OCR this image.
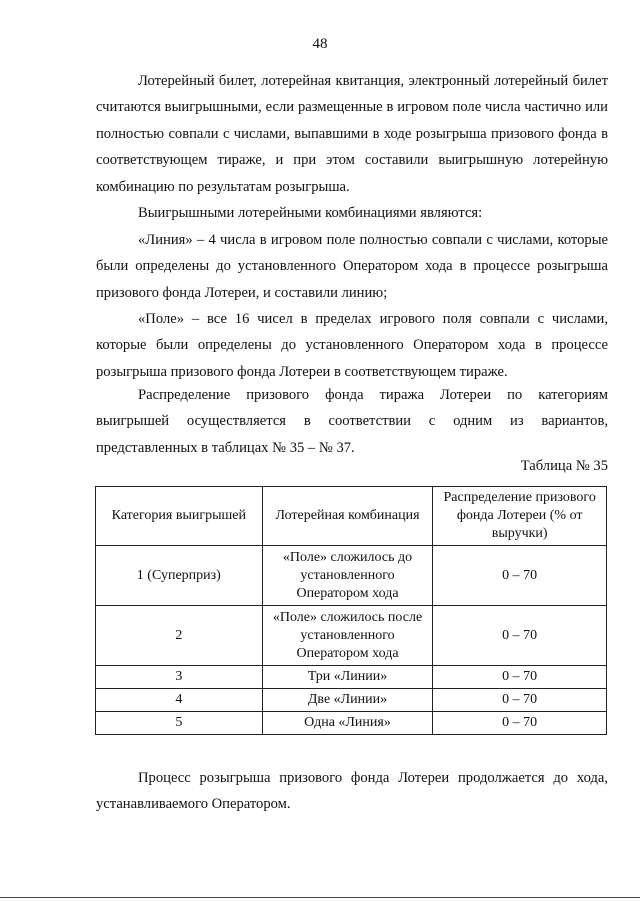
48

Лотерейный билет, лотерейная квитанция, электронный лотерейный билет считаются выигрышными, если размещенные в игровом поле числа частично или полностью совпали с числами, выпавшими в ходе розыгрыша призового фонда в соответствующем тираже, и при этом составили выигрышную лотерейную комбинацию по результатам розыгрыша.

Выигрышными лотерейными комбинациями являются:

«Линия» – 4 числа в игровом поле полностью совпали с числами, которые были определены до установленного Оператором хода в процессе розыгрыша призового фонда Лотереи, и составили линию;

«Поле» – все 16 чисел в пределах игрового поля совпали с числами, которые были определены до установленного Оператором хода в процессе розыгрыша призового фонда Лотереи в соответствующем тираже.

Распределение призового фонда тиража Лотереи по категориям выигрышей осуществляется в соответствии с одним из вариантов, представленных в таблицах № 35 – № 37.

Таблица № 35
Категория выигрышей	Лотерейная комбинация	Распределение призового фонда Лотереи (% от выручки)
1 (Суперприз)	«Поле» сложилось до установленного Оператором хода	0 – 70
2	«Поле» сложилось после установленного Оператором хода	0 – 70
3	Три «Линии»	0 – 70
4	Две «Линии»	0 – 70
5	Одна «Линия»	0 – 70

Процесс розыгрыша призового фонда Лотереи продолжается до хода, устанавливаемого Оператором.
